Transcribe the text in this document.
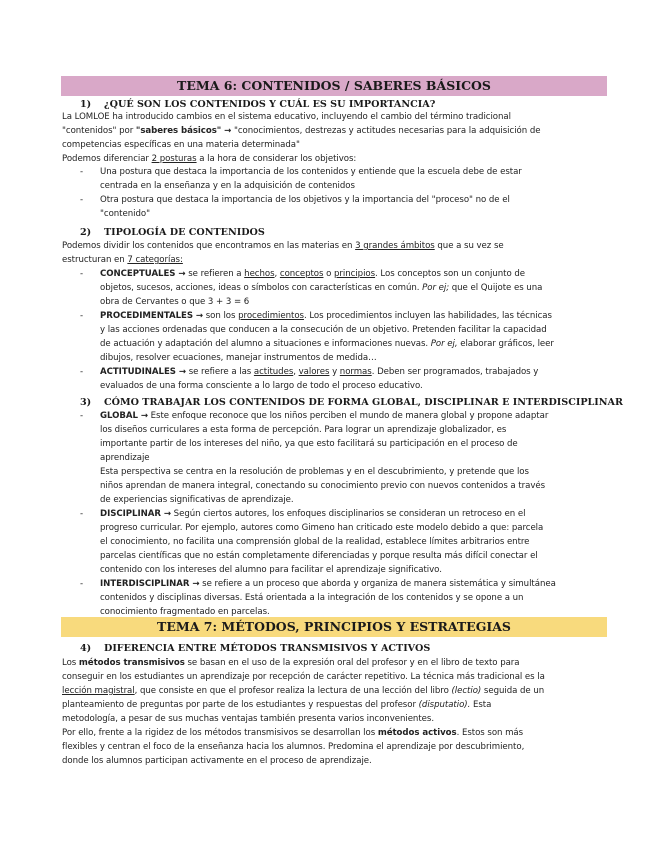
TEMA 6: CONTENIDOS / SABERES BÁSICOS
1) ¿QUÉ SON LOS CONTENIDOS Y CUÁL ES SU IMPORTANCIA?
La LOMLOE ha introducido cambios en el sistema educativo, incluyendo el cambio del término tradicional
"contenidos" por "saberes básicos" → "conocimientos, destrezas y actitudes necesarias para la adquisición de
competencias específicas en una materia determinada"
Podemos diferenciar 2 posturas a la hora de considerar los objetivos:
- Una postura que destaca la importancia de los contenidos y entiende que la escuela debe de estar
centrada en la enseñanza y en la adquisición de contenidos
- Otra postura que destaca la importancia de los objetivos y la importancia del "proceso" no de el
"contenido"
2) TIPOLOGÍA DE CONTENIDOS
Podemos dividir los contenidos que encontramos en las materias en 3 grandes ámbitos que a su vez se
estructuran en 7 categorías:
- CONCEPTUALES → se refieren a hechos, conceptos o principios. Los conceptos son un conjunto de
objetos, sucesos, acciones, ideas o símbolos con características en común. Por ej; que el Quijote es una
obra de Cervantes o que 3 + 3 = 6
- PROCEDIMENTALES → son los procedimientos. Los procedimientos incluyen las habilidades, las técnicas
y las acciones ordenadas que conducen a la consecución de un objetivo. Pretenden facilitar la capacidad
de actuación y adaptación del alumno a situaciones e informaciones nuevas. Por ej, elaborar gráficos, leer
dibujos, resolver ecuaciones, manejar instrumentos de medida…
- ACTITUDINALES → se refiere a las actitudes, valores y normas. Deben ser programados, trabajados y
evaluados de una forma consciente a lo largo de todo el proceso educativo.
3) CÓMO TRABAJAR LOS CONTENIDOS DE FORMA GLOBAL, DISCIPLINAR E INTERDISCIPLINAR
- GLOBAL → Este enfoque reconoce que los niños perciben el mundo de manera global y propone adaptar
los diseños curriculares a esta forma de percepción. Para lograr un aprendizaje globalizador, es
importante partir de los intereses del niño, ya que esto facilitará su participación en el proceso de
aprendizaje
Esta perspectiva se centra en la resolución de problemas y en el descubrimiento, y pretende que los
niños aprendan de manera integral, conectando su conocimiento previo con nuevos contenidos a través
de experiencias significativas de aprendizaje.
- DISCIPLINAR → Según ciertos autores, los enfoques disciplinarios se consideran un retroceso en el
progreso curricular. Por ejemplo, autores como Gimeno han criticado este modelo debido a que: parcela
el conocimiento, no facilita una comprensión global de la realidad, establece límites arbitrarios entre
parcelas científicas que no están completamente diferenciadas y porque resulta más difícil conectar el
contenido con los intereses del alumno para facilitar el aprendizaje significativo.
- INTERDISCIPLINAR → se refiere a un proceso que aborda y organiza de manera sistemática y simultánea
contenidos y disciplinas diversas. Está orientada a la integración de los contenidos y se opone a un
conocimiento fragmentado en parcelas.
TEMA 7: MÉTODOS, PRINCIPIOS Y ESTRATEGIAS
4) DIFERENCIA ENTRE MÉTODOS TRANSMISIVOS Y ACTIVOS
Los métodos transmisivos se basan en el uso de la expresión oral del profesor y en el libro de texto para
conseguir en los estudiantes un aprendizaje por recepción de carácter repetitivo. La técnica más tradicional es la
lección magistral, que consiste en que el profesor realiza la lectura de una lección del libro (lectio) seguida de un
planteamiento de preguntas por parte de los estudiantes y respuestas del profesor (disputatio). Esta
metodología, a pesar de sus muchas ventajas también presenta varios inconvenientes.
Por ello, frente a la rigidez de los métodos transmisivos se desarrollan los métodos activos. Estos son más
flexibles y centran el foco de la enseñanza hacia los alumnos. Predomina el aprendizaje por descubrimiento,
donde los alumnos participan activamente en el proceso de aprendizaje.
